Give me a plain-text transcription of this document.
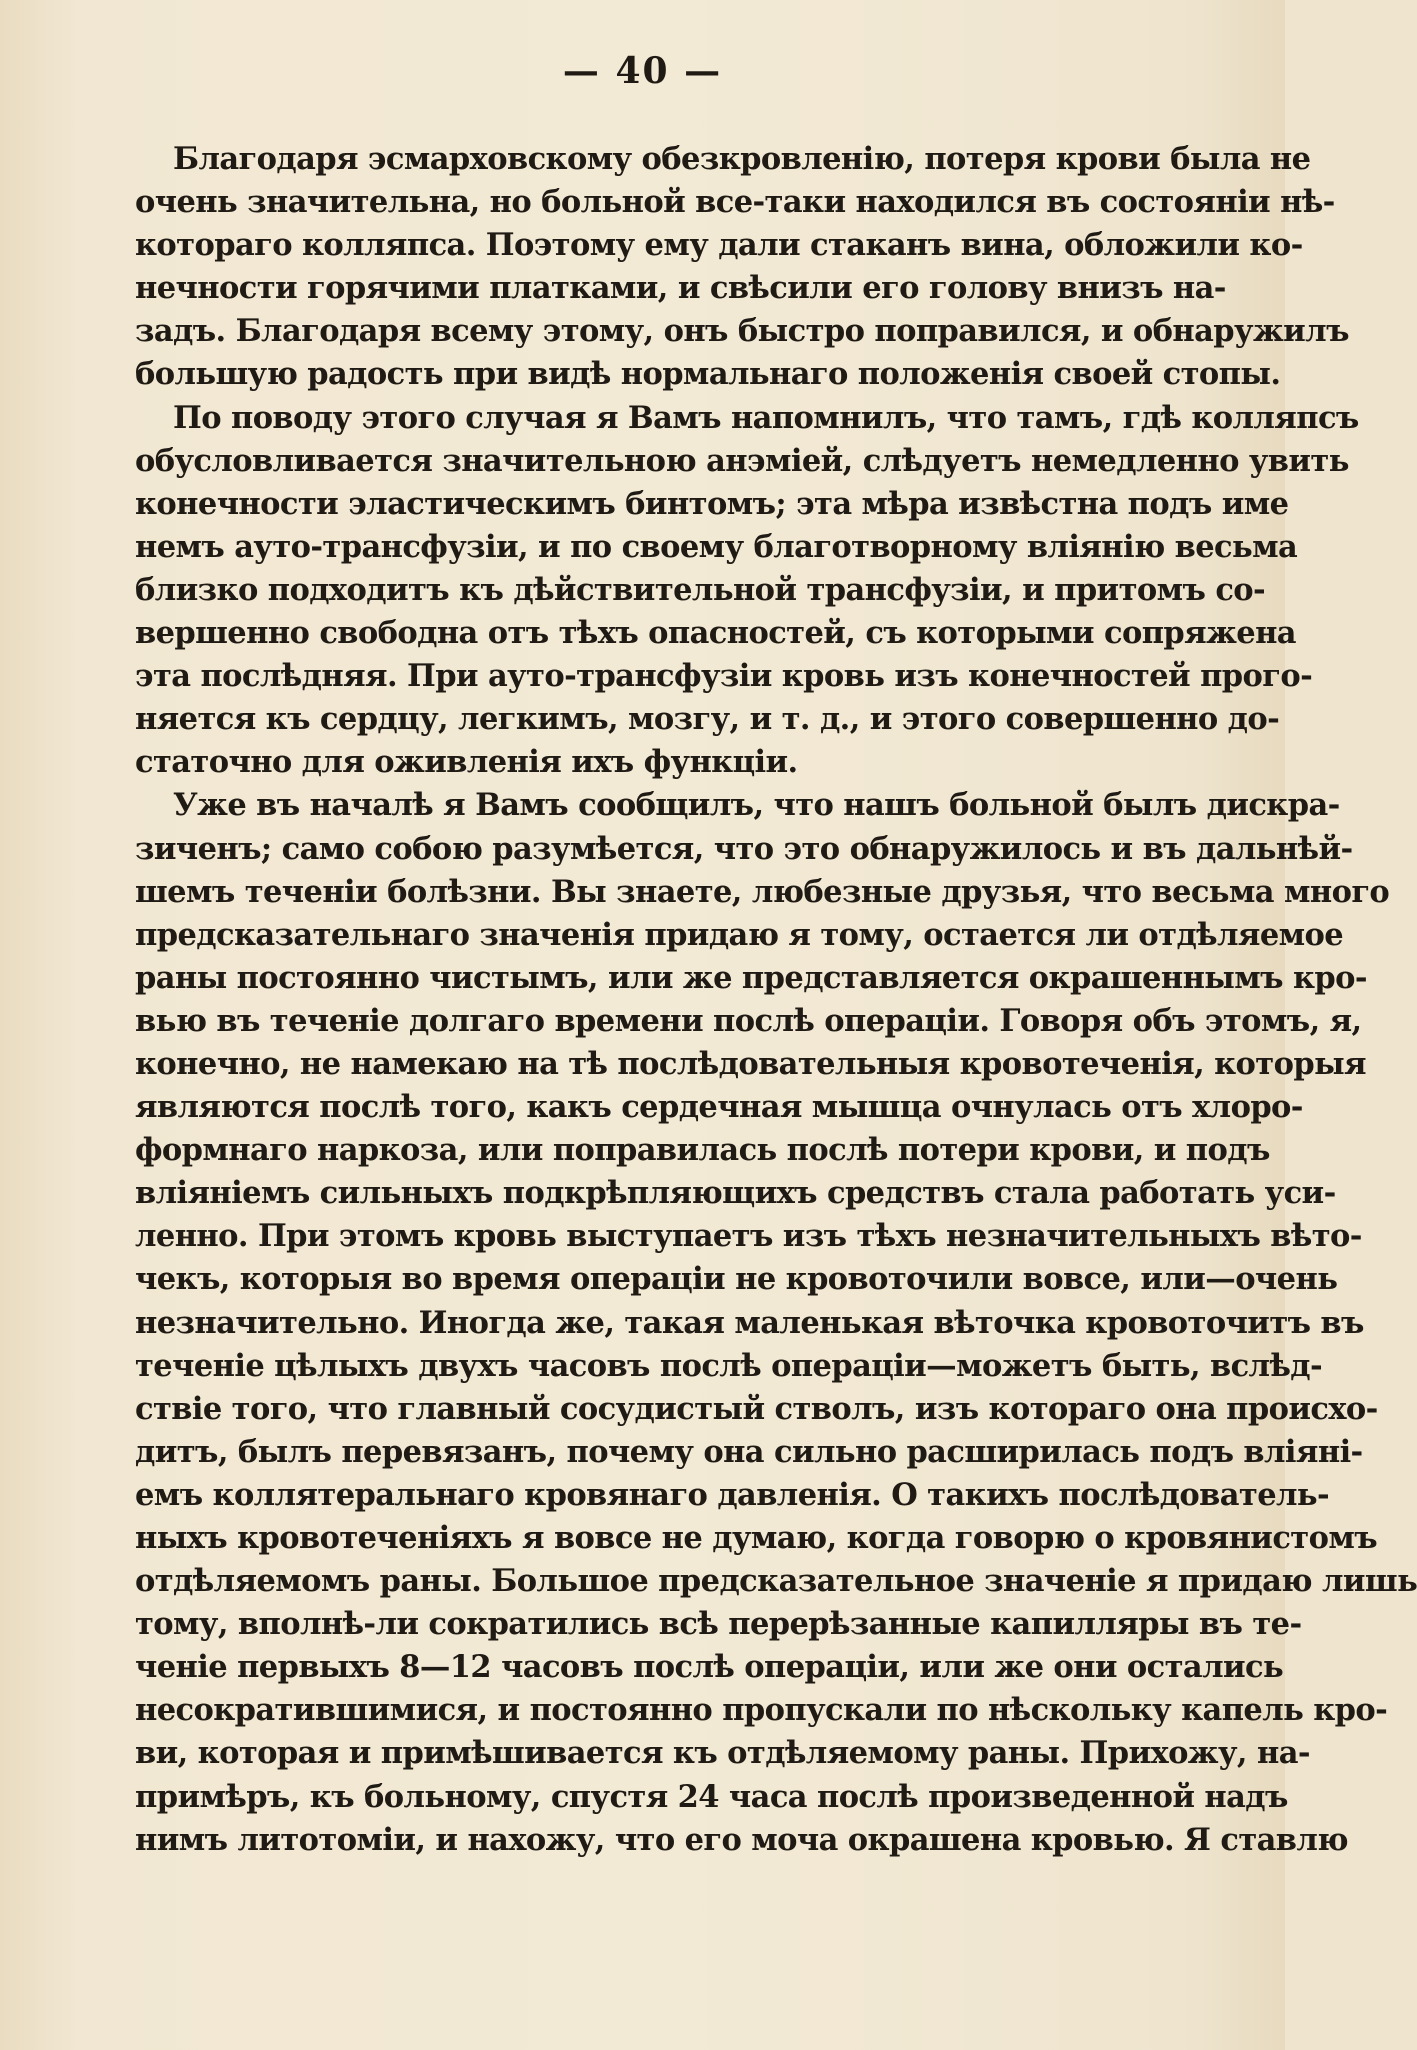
— 40 —
Благодаря эсмарховскому обезкровленію, потеря крови была не
очень значительна, но больной все-таки находился въ состояніи нѣ-
котораго колляпса. Поэтому ему дали стаканъ вина, обложили ко-
нечности горячими платками, и свѣсили его голову внизъ на-
задъ. Благодаря всему этому, онъ быстро поправился, и обнаружилъ
большую радость при видѣ нормальнаго положенія своей стопы.
По поводу этого случая я Вамъ напомнилъ, что тамъ, гдѣ колляпсъ
обусловливается значительною анэміей, слѣдуетъ немедленно увить
конечности эластическимъ бинтомъ; эта мѣра извѣстна подъ име
немъ ауто-трансфузіи, и по своему благотворному вліянію весьма
близко подходитъ къ дѣйствительной трансфузіи, и притомъ со-
вершенно свободна отъ тѣхъ опасностей, съ которыми сопряжена
эта послѣдняя. При ауто-трансфузіи кровь изъ конечностей прого-
няется къ сердцу, легкимъ, мозгу, и т. д., и этого совершенно до-
статочно для оживленія ихъ функціи.
Уже въ началѣ я Вамъ сообщилъ, что нашъ больной былъ дискра-
зиченъ; само собою разумѣется, что это обнаружилось и въ дальнѣй-
шемъ теченіи болѣзни. Вы знаете, любезные друзья, что весьма много
предсказательнаго значенія придаю я тому, остается ли отдѣляемое
раны постоянно чистымъ, или же представляется окрашеннымъ кро-
вью въ теченіе долгаго времени послѣ операціи. Говоря объ этомъ, я,
конечно, не намекаю на тѣ послѣдовательныя кровотеченія, которыя
являются послѣ того, какъ сердечная мышца очнулась отъ хлоро-
формнаго наркоза, или поправилась послѣ потери крови, и подъ
вліяніемъ сильныхъ подкрѣпляющихъ средствъ стала работать уси-
ленно. При этомъ кровь выступаетъ изъ тѣхъ незначительныхъ вѣто-
чекъ, которыя во время операціи не кровоточили вовсе, или—очень
незначительно. Иногда же, такая маленькая вѣточка кровоточитъ въ
теченіе цѣлыхъ двухъ часовъ послѣ операціи—можетъ быть, вслѣд-
ствіе того, что главный сосудистый стволъ, изъ котораго она происхо-
дитъ, былъ перевязанъ, почему она сильно расширилась подъ вліяні-
емъ коллятеральнаго кровянаго давленія. О такихъ послѣдователь-
ныхъ кровотеченіяхъ я вовсе не думаю, когда говорю о кровянистомъ
отдѣляемомъ раны. Большое предсказательное значеніе я придаю лишь
тому, вполнѣ-ли сократились всѣ перерѣзанные капилляры въ те-
ченіе первыхъ 8—12 часовъ послѣ операціи, или же они остались
несократившимися, и постоянно пропускали по нѣскольку капель кро-
ви, которая и примѣшивается къ отдѣляемому раны. Прихожу, на-
примѣръ, къ больному, спустя 24 часа послѣ произведенной надъ
нимъ литотоміи, и нахожу, что его моча окрашена кровью. Я ставлю
